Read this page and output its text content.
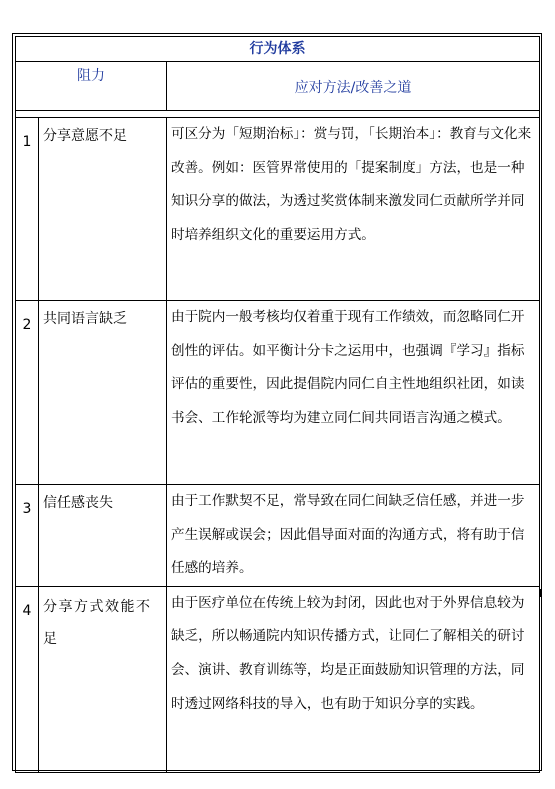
行为体系		
阻力		应对方法/改善之道

1	分享意愿不足	可区分为「短期治标」：赏与罚，「长期治本」：教育与文化来改善。例如：医管界常使用的「提案制度」方法，也是一种知识分享的做法，为透过奖赏体制来激发同仁贡献所学并同时培养组织文化的重要运用方式。
2	共同语言缺乏	由于院内一般考核均仅着重于现有工作绩效，而忽略同仁开创性的评估。如平衡计分卡之运用中，也强调『学习』指标评估的重要性，因此提倡院内同仁自主性地组织社团，如读书会、工作轮派等均为建立同仁间共同语言沟通之模式。
3	信任感丧失	由于工作默契不足，常导致在同仁间缺乏信任感，并进一步产生误解或误会；因此倡导面对面的沟通方式，将有助于信任感的培养。
4	分享方式效能不足	由于医疗单位在传统上较为封闭，因此也对于外界信息较为缺乏，所以畅通院内知识传播方式，让同仁了解相关的研讨会、演讲、教育训练等，均是正面鼓励知识管理的方法，同时透过网络科技的导入，也有助于知识分享的实践。
